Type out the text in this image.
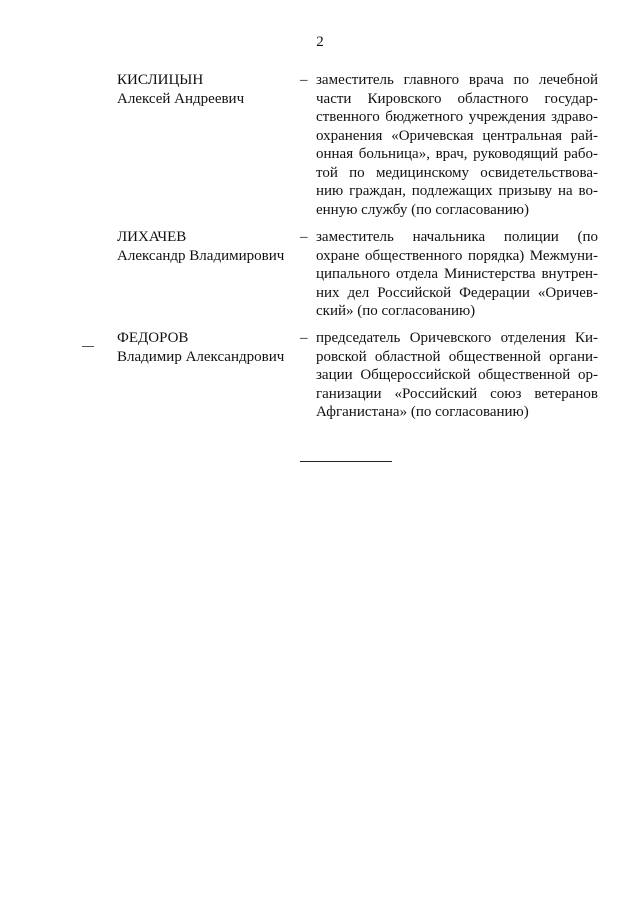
2
КИСЛИЦЫН
Алексей Андреевич
– заместитель главного врача по лечебной
части Кировского областного государ-
ственного бюджетного учреждения здраво-
охранения «Оричевская центральная рай-
онная больница», врач, руководящий рабо-
той по медицинскому освидетельствова-
нию граждан, подлежащих призыву на во-
енную службу (по согласованию)
ЛИХАЧЕВ
Александр Владимирович
– заместитель начальника полиции (по
охране общественного порядка) Межмуни-
ципального отдела Министерства внутрен-
них дел Российской Федерации «Оричев-
ский» (по согласованию)
ФЕДОРОВ
Владимир Александрович
– председатель Оричевского отделения Ки-
ровской областной общественной органи-
зации Общероссийской общественной ор-
ганизации «Российский союз ветеранов
Афганистана» (по согласованию)
